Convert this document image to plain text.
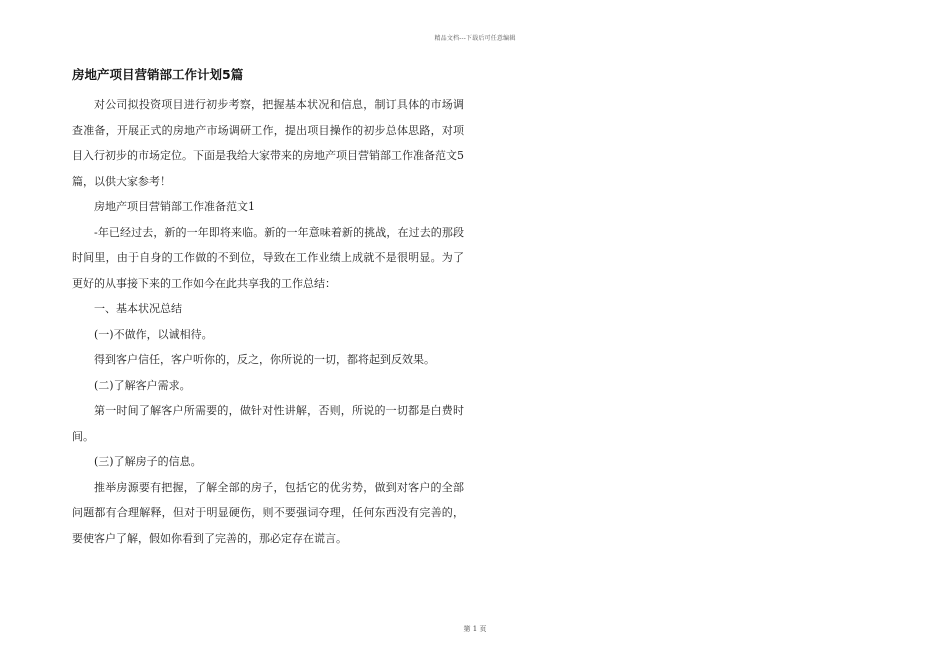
精品文档---下载后可任意编辑
房地产项目营销部工作计划5篇

对公司拟投资项目进行初步考察，把握基本状况和信息，制订具体的市场调查准备，开展正式的房地产市场调研工作，提出项目操作的初步总体思路，对项目入行初步的市场定位。下面是我给大家带来的房地产项目营销部工作准备范文5篇，以供大家参考！

房地产项目营销部工作准备范文1

-年已经过去，新的一年即将来临。新的一年意味着新的挑战，在过去的那段时间里，由于自身的工作做的不到位，导致在工作业绩上成就不是很明显。为了更好的从事接下来的工作如今在此共享我的工作总结：

一、基本状况总结

(一)不做作，以诚相待。

得到客户信任，客户听你的，反之，你所说的一切，都将起到反效果。

(二)了解客户需求。

第一时间了解客户所需要的，做针对性讲解，否则，所说的一切都是白费时间。

(三)了解房子的信息。

推举房源要有把握，了解全部的房子，包括它的优劣势，做到对客户的全部问题都有合理解释，但对于明显硬伤，则不要强词夺理，任何东西没有完善的，要使客户了解，假如你看到了完善的，那必定存在谎言。

第 1 页
